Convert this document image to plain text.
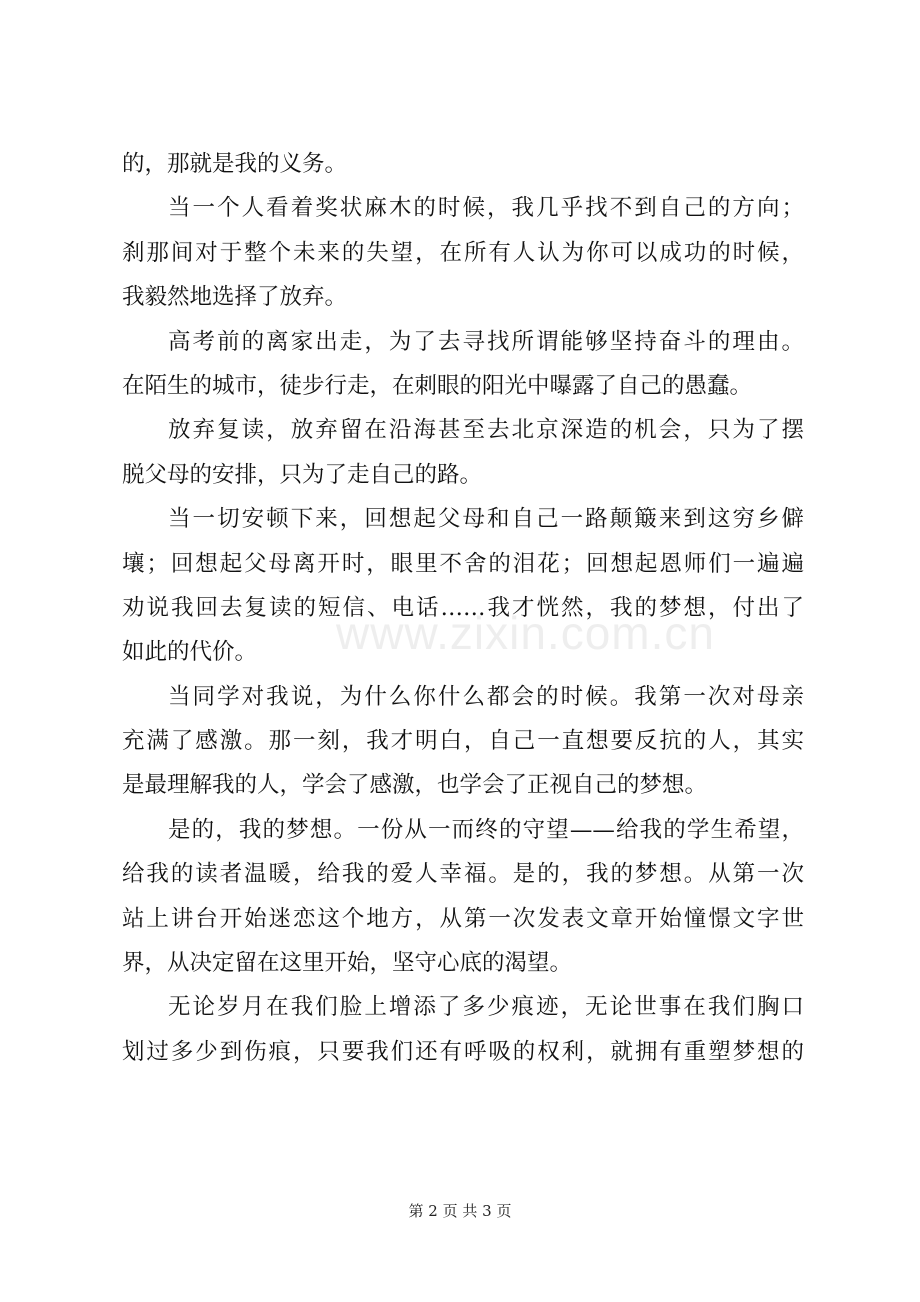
www.zixin.com.cn
的，那就是我的义务。
当一个人看着奖状麻木的时候，我几乎找不到自己的方向；
刹那间对于整个未来的失望，在所有人认为你可以成功的时候，
我毅然地选择了放弃。
高考前的离家出走，为了去寻找所谓能够坚持奋斗的理由。
在陌生的城市，徒步行走，在刺眼的阳光中曝露了自己的愚蠢。
放弃复读，放弃留在沿海甚至去北京深造的机会，只为了摆
脱父母的安排，只为了走自己的路。
当一切安顿下来，回想起父母和自己一路颠簸来到这穷乡僻
壤；回想起父母离开时，眼里不舍的泪花；回想起恩师们一遍遍
劝说我回去复读的短信、电话……我才恍然，我的梦想，付出了
如此的代价。
当同学对我说，为什么你什么都会的时候。我第一次对母亲
充满了感激。那一刻，我才明白，自己一直想要反抗的人，其实
是最理解我的人，学会了感激，也学会了正视自己的梦想。
是的，我的梦想。一份从一而终的守望——给我的学生希望，
给我的读者温暖，给我的爱人幸福。是的，我的梦想。从第一次
站上讲台开始迷恋这个地方，从第一次发表文章开始憧憬文字世
界，从决定留在这里开始，坚守心底的渴望。
无论岁月在我们脸上增添了多少痕迹，无论世事在我们胸口
划过多少到伤痕，只要我们还有呼吸的权利，就拥有重塑梦想的
第 2 页 共 3 页
